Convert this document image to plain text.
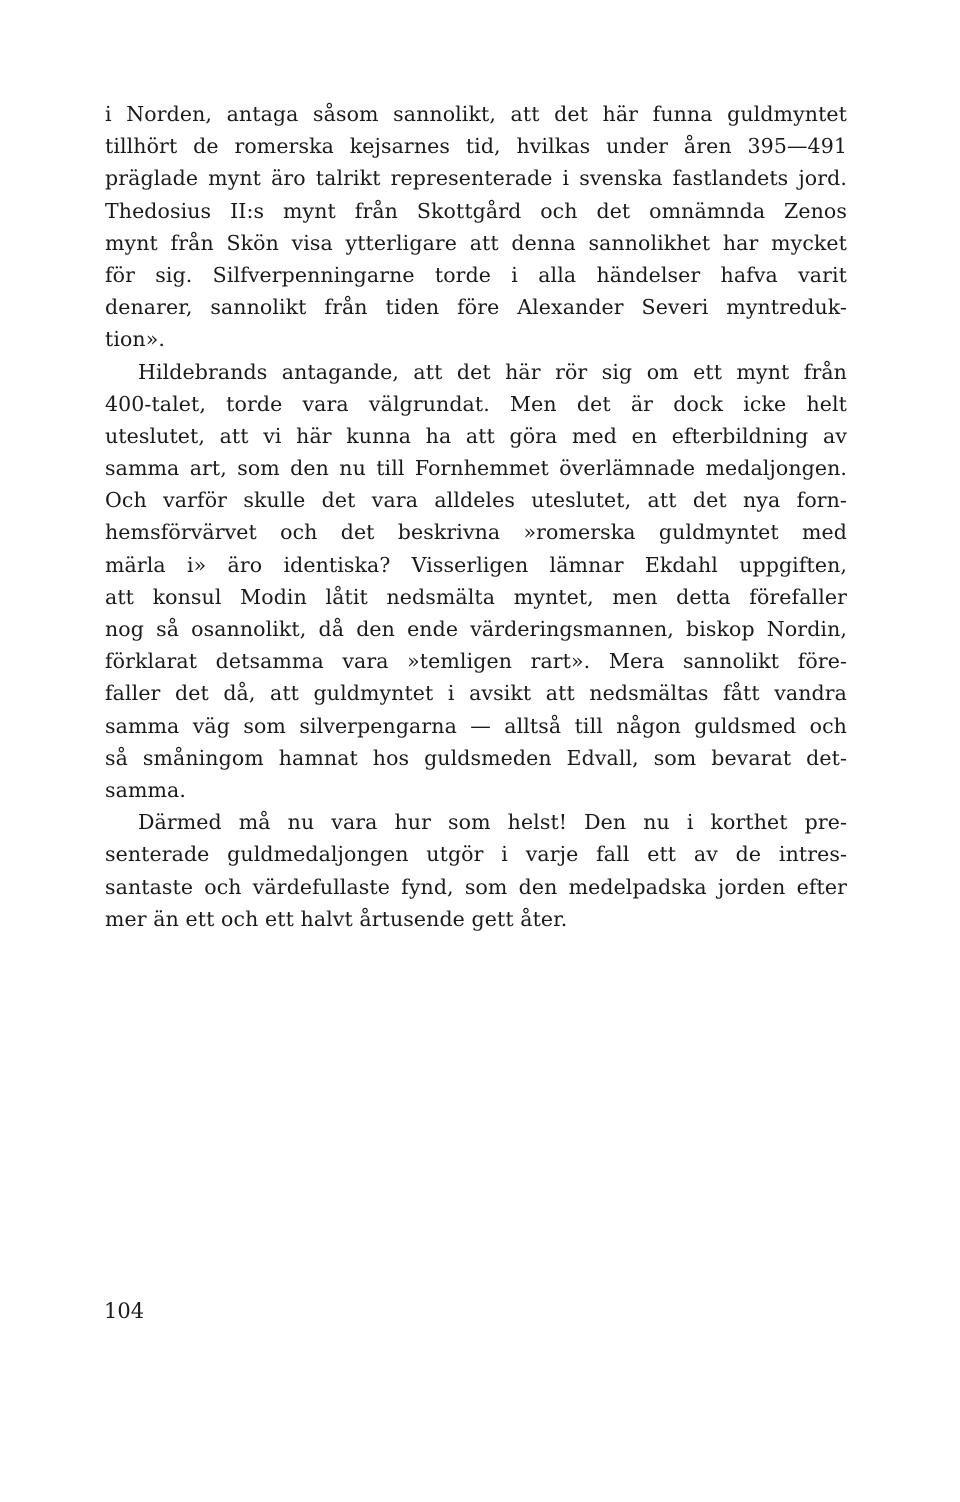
i Norden, antaga såsom sannolikt, att det här funna guldmyntet
tillhört de romerska kejsarnes tid, hvilkas under åren 395—491
präglade mynt äro talrikt representerade i svenska fastlandets jord.
Thedosius II:s mynt från Skottgård och det omnämnda Zenos
mynt från Skön visa ytterligare att denna sannolikhet har mycket
för sig. Silfverpenningarne torde i alla händelser hafva varit
denarer, sannolikt från tiden före Alexander Severi myntreduk-
tion».
Hildebrands antagande, att det här rör sig om ett mynt från
400-talet, torde vara välgrundat. Men det är dock icke helt
uteslutet, att vi här kunna ha att göra med en efterbildning av
samma art, som den nu till Fornhemmet överlämnade medaljongen.
Och varför skulle det vara alldeles uteslutet, att det nya forn-
hemsförvärvet och det beskrivna »romerska guldmyntet med
märla i» äro identiska? Visserligen lämnar Ekdahl uppgiften,
att konsul Modin låtit nedsmälta myntet, men detta förefaller
nog så osannolikt, då den ende värderingsmannen, biskop Nordin,
förklarat detsamma vara »temligen rart». Mera sannolikt före-
faller det då, att guldmyntet i avsikt att nedsmältas fått vandra
samma väg som silverpengarna — alltså till någon guldsmed och
så småningom hamnat hos guldsmeden Edvall, som bevarat det-
samma.
Därmed må nu vara hur som helst! Den nu i korthet pre-
senterade guldmedaljongen utgör i varje fall ett av de intres-
santaste och värdefullaste fynd, som den medelpadska jorden efter
mer än ett och ett halvt årtusende gett åter.
104
